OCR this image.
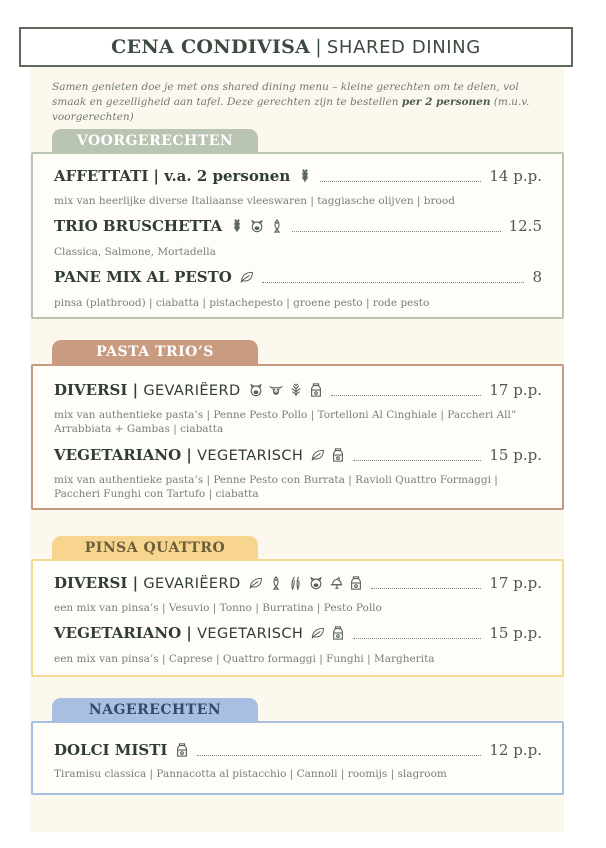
CENA CONDIVISA | SHARED DINING
Samen genieten doe je met ons shared dining menu – kleine gerechten om te delen, vol smaak en gezelligheid aan tafel. Deze gerechten zijn te bestellen per 2 personen (m.u.v. voorgerechten)
VOORGERECHTEN
AFFETTATI | v.a. 2 personen	14 p.p.
mix van heerlijke diverse Italiaanse vleeswaren | taggiasche olijven | brood
TRIO BRUSCHETTA	12.5
Classica, Salmone, Mortadella
PANE MIX AL PESTO	8
pinsa (platbrood) | ciabatta | pistachepesto | groene pesto | rode pesto
PASTA TRIO’S
DIVERSI | GEVARIËERD	17 p.p.
mix van authentieke pasta’s | Penne Pesto Pollo | Tortelloni Al Cinghiale | Paccheri All” Arrabbiata + Gambas | ciabatta
VEGETARIANO | VEGETARISCH	15 p.p.
mix van authentieke pasta’s | Penne Pesto con Burrata | Ravioli Quattro Formaggi | Paccheri Funghi con Tartufo | ciabatta
PINSA QUATTRO
DIVERSI | GEVARIËERD	17 p.p.
een mix van pinsa’s | Vesuvio | Tonno | Burratina | Pesto Pollo
VEGETARIANO | VEGETARISCH	15 p.p.
een mix van pinsa’s | Caprese | Quattro formaggi | Funghi | Margherita
NAGERECHTEN
DOLCI MISTI	12 p.p.
Tiramisu classica | Pannacotta al pistacchio | Cannoli | roomijs | slagroom
